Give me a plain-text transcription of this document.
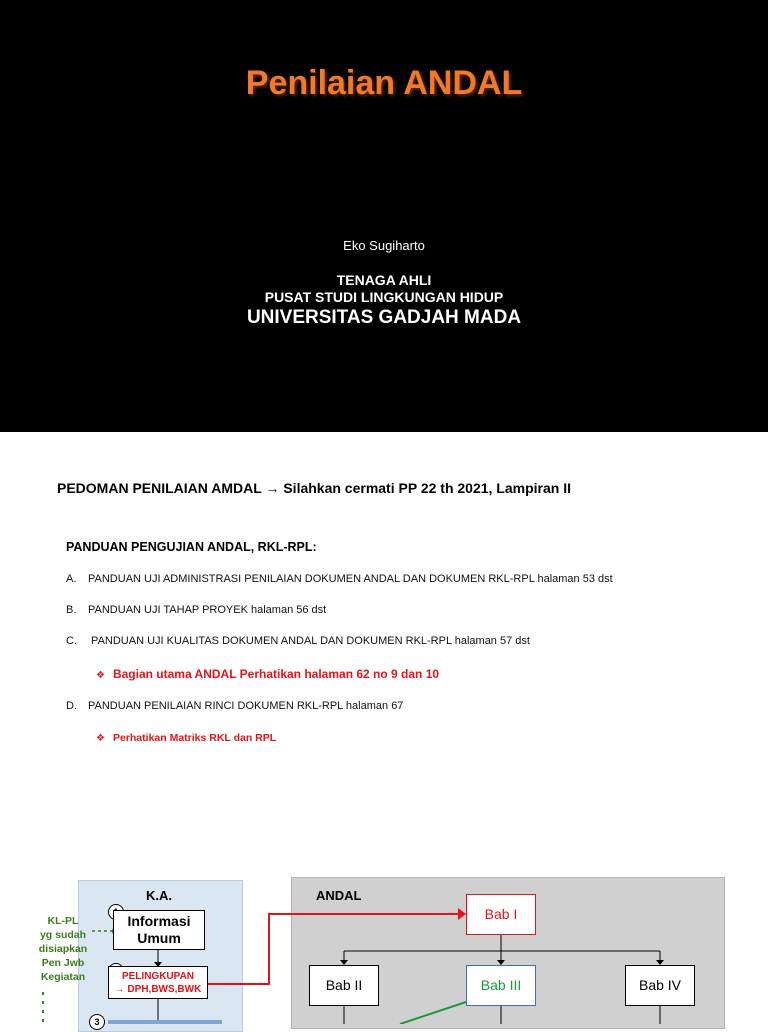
Penilaian ANDAL
Eko Sugiharto
TENAGA AHLI
PUSAT STUDI LINGKUNGAN HIDUP
UNIVERSITAS GADJAH MADA
PEDOMAN PENILAIAN AMDAL → Silahkan cermati PP 22 th 2021, Lampiran II
PANDUAN PENGUJIAN ANDAL, RKL-RPL:
A. PANDUAN UJI ADMINISTRASI PENILAIAN DOKUMEN ANDAL DAN DOKUMEN RKL-RPL halaman 53 dst
B. PANDUAN UJI TAHAP PROYEK halaman 56 dst
C. PANDUAN UJI KUALITAS DOKUMEN ANDAL DAN DOKUMEN RKL-RPL halaman 57 dst
❖ Bagian utama ANDAL Perhatikan halaman 62 no 9 dan 10
D. PANDUAN PENILAIAN RINCI DOKUMEN RKL-RPL halaman 67
❖ Perhatikan Matriks RKL dan RPL
K.A.	ANDAL
KL-PL
yg sudah
disiapkan
Pen Jwb
Kegiatan
Informasi
Umum
PELINGKUPAN
→ DPH,BWS,BWK
3
Bab I
Bab II	Bab III	Bab IV
